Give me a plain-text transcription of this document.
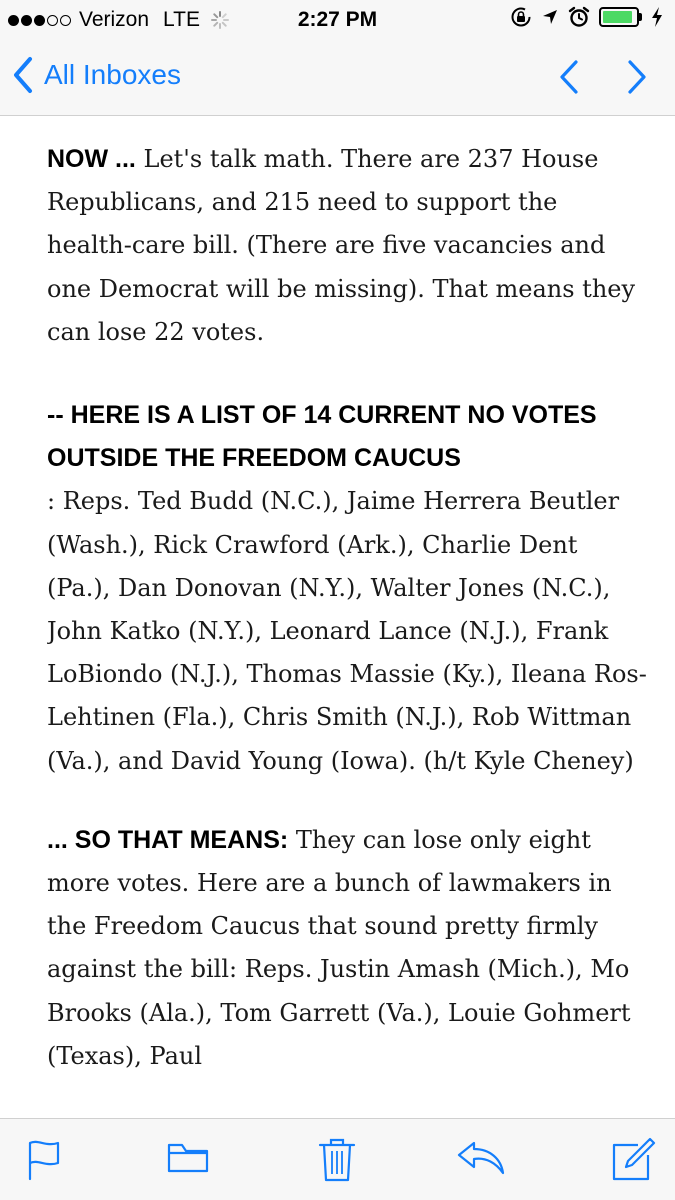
Verizon LTE	2:27 PM
All Inboxes

NOW ... Let's talk math. There are 237 House Republicans, and 215 need to support the health-care bill. (There are five vacancies and one Democrat will be missing). That means they can lose 22 votes.

-- HERE IS A LIST OF 14 CURRENT NO VOTES OUTSIDE THE FREEDOM CAUCUS
: Reps. Ted Budd (N.C.), Jaime Herrera Beutler (Wash.), Rick Crawford (Ark.), Charlie Dent (Pa.), Dan Donovan (N.Y.), Walter Jones (N.C.), John Katko (N.Y.), Leonard Lance (N.J.), Frank LoBiondo (N.J.), Thomas Massie (Ky.), Ileana Ros-Lehtinen (Fla.), Chris Smith (N.J.), Rob Wittman (Va.), and David Young (Iowa). (h/t Kyle Cheney)

... SO THAT MEANS: They can lose only eight more votes. Here are a bunch of lawmakers in the Freedom Caucus that sound pretty firmly against the bill: Reps. Justin Amash (Mich.), Mo Brooks (Ala.), Tom Garrett (Va.), Louie Gohmert (Texas), Paul
